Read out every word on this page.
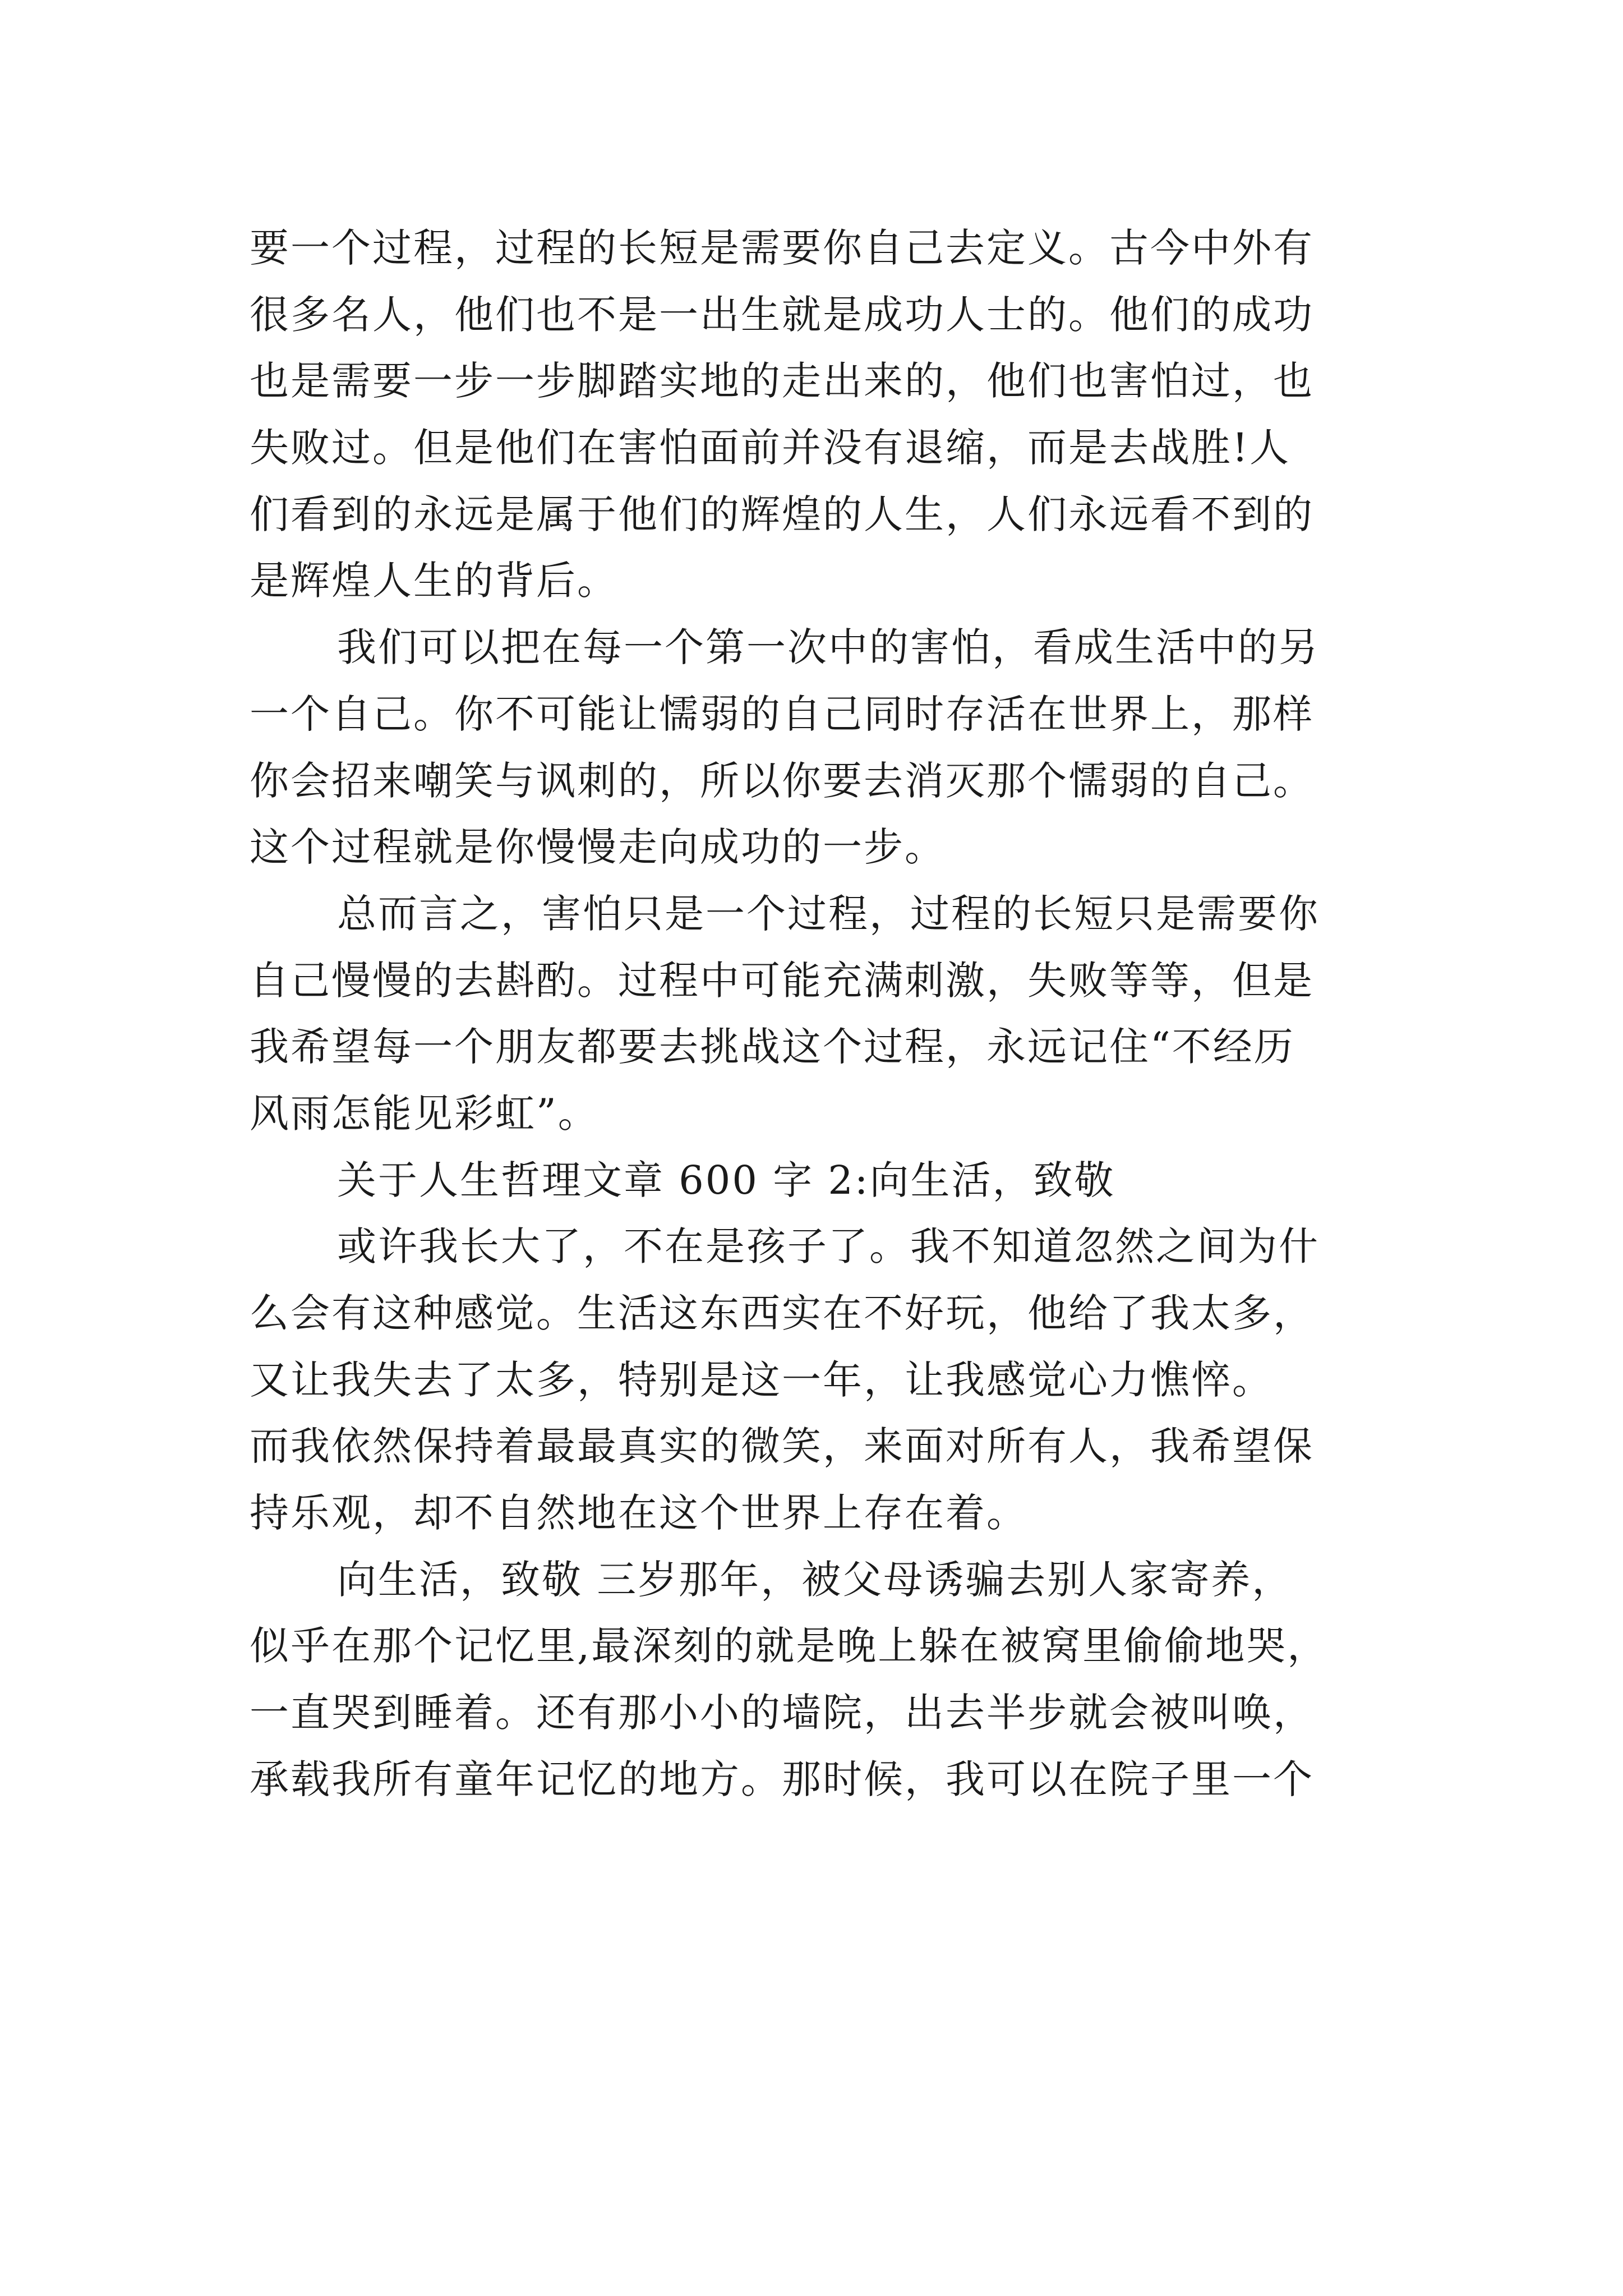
要一个过程，过程的长短是需要你自己去定义。古今中外有
很多名人，他们也不是一出生就是成功人士的。他们的成功
也是需要一步一步脚踏实地的走出来的，他们也害怕过，也
失败过。但是他们在害怕面前并没有退缩，而是去战胜!人
们看到的永远是属于他们的辉煌的人生，人们永远看不到的
是辉煌人生的背后。
我们可以把在每一个第一次中的害怕，看成生活中的另
一个自己。你不可能让懦弱的自己同时存活在世界上，那样
你会招来嘲笑与讽刺的，所以你要去消灭那个懦弱的自己。
这个过程就是你慢慢走向成功的一步。
总而言之，害怕只是一个过程，过程的长短只是需要你
自己慢慢的去斟酌。过程中可能充满刺激，失败等等，但是
我希望每一个朋友都要去挑战这个过程，永远记住“不经历
风雨怎能见彩虹”。
关于人生哲理文章 600 字 2:向生活，致敬
或许我长大了，不在是孩子了。我不知道忽然之间为什
么会有这种感觉。生活这东西实在不好玩，他给了我太多，
又让我失去了太多，特别是这一年，让我感觉心力憔悴。
而我依然保持着最最真实的微笑，来面对所有人，我希望保
持乐观，却不自然地在这个世界上存在着。
向生活，致敬 三岁那年，被父母诱骗去别人家寄养，
似乎在那个记忆里,最深刻的就是晚上躲在被窝里偷偷地哭，
一直哭到睡着。还有那小小的墙院，出去半步就会被叫唤，
承载我所有童年记忆的地方。那时候，我可以在院子里一个
